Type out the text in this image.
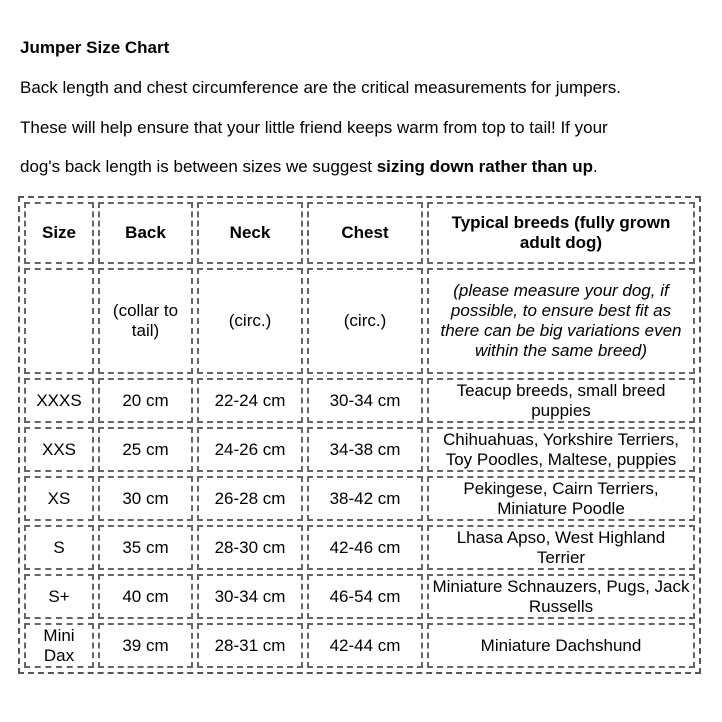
Jumper Size Chart
Back length and chest circumference are the critical measurements for jumpers.
These will help ensure that your little friend keeps warm from top to tail! If your
dog's back length is between sizes we suggest sizing down rather than up.
Size	Back	Neck	Chest	Typical breeds (fully grown adult dog)
	(collar to tail)	(circ.)	(circ.)	(please measure your dog, if possible, to ensure best fit as there can be big variations even within the same breed)
XXXS	20 cm	22-24 cm	30-34 cm	Teacup breeds, small breed puppies
XXS	25 cm	24-26 cm	34-38 cm	Chihuahuas, Yorkshire Terriers, Toy Poodles, Maltese, puppies
XS	30 cm	26-28 cm	38-42 cm	Pekingese, Cairn Terriers, Miniature Poodle
S	35 cm	28-30 cm	42-46 cm	Lhasa Apso, West Highland Terrier
S+	40 cm	30-34 cm	46-54 cm	Miniature Schnauzers, Pugs, Jack Russells
Mini Dax	39 cm	28-31 cm	42-44 cm	Miniature Dachshund
